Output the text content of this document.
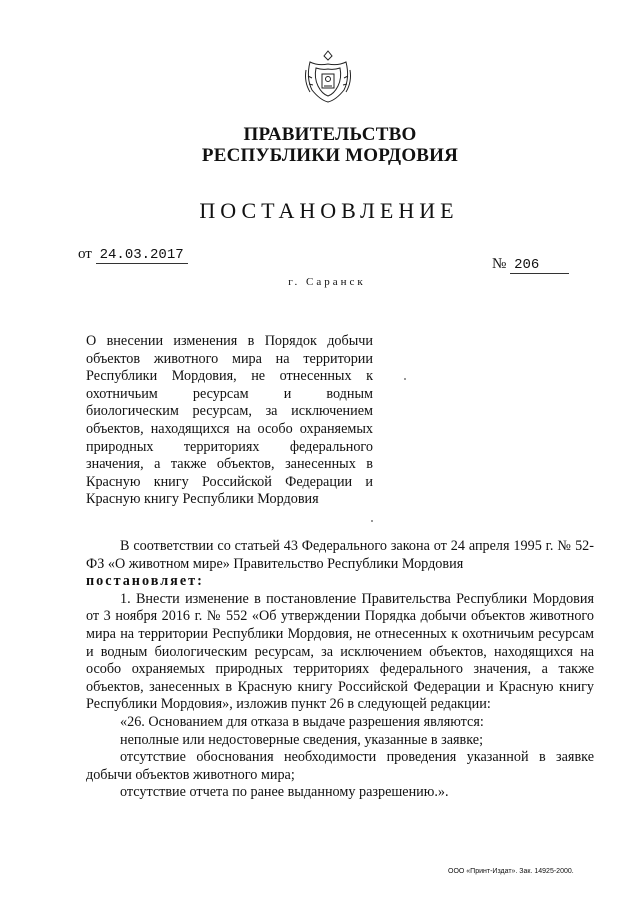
ПРАВИТЕЛЬСТВО
РЕСПУБЛИКИ МОРДОВИЯ
ПОСТАНОВЛЕНИЕ
от 24.03.2017
№ 206
г. Саранск
О внесении изменения в Порядок добычи объектов животного мира на территории Республики Мордовия, не отнесенных к охотничьим ресурсам и водным биологическим ресурсам, за исключением объектов, находящихся на особо охраняемых природных территориях федерального значения, а также объектов, занесенных в Красную книгу Российской Федерации и Красную книгу Республики Мордовия

В соответствии со статьей 43 Федерального закона от 24 апреля 1995 г. № 52-ФЗ «О животном мире» Правительство Республики Мордовия

постановляет:

1. Внести изменение в постановление Правительства Республики Мордовия от 3 ноября 2016 г. № 552 «Об утверждении Порядка добычи объектов животного мира на территории Республики Мордовия, не отнесенных к охотничьим ресурсам и водным биологическим ресурсам, за исключением объектов, находящихся на особо охраняемых природных территориях федерального значения, а также объектов, занесенных в Красную книгу Российской Федерации и Красную книгу Республики Мордовия», изложив пункт 26 в следующей редакции:

«26. Основанием для отказа в выдаче разрешения являются:

неполные или недостоверные сведения, указанные в заявке;

отсутствие обоснования необходимости проведения указанной в заявке добычи объектов животного мира;

отсутствие отчета по ранее выданному разрешению.».

ООО «Принт-Издат». Зак. 14925-2000.
